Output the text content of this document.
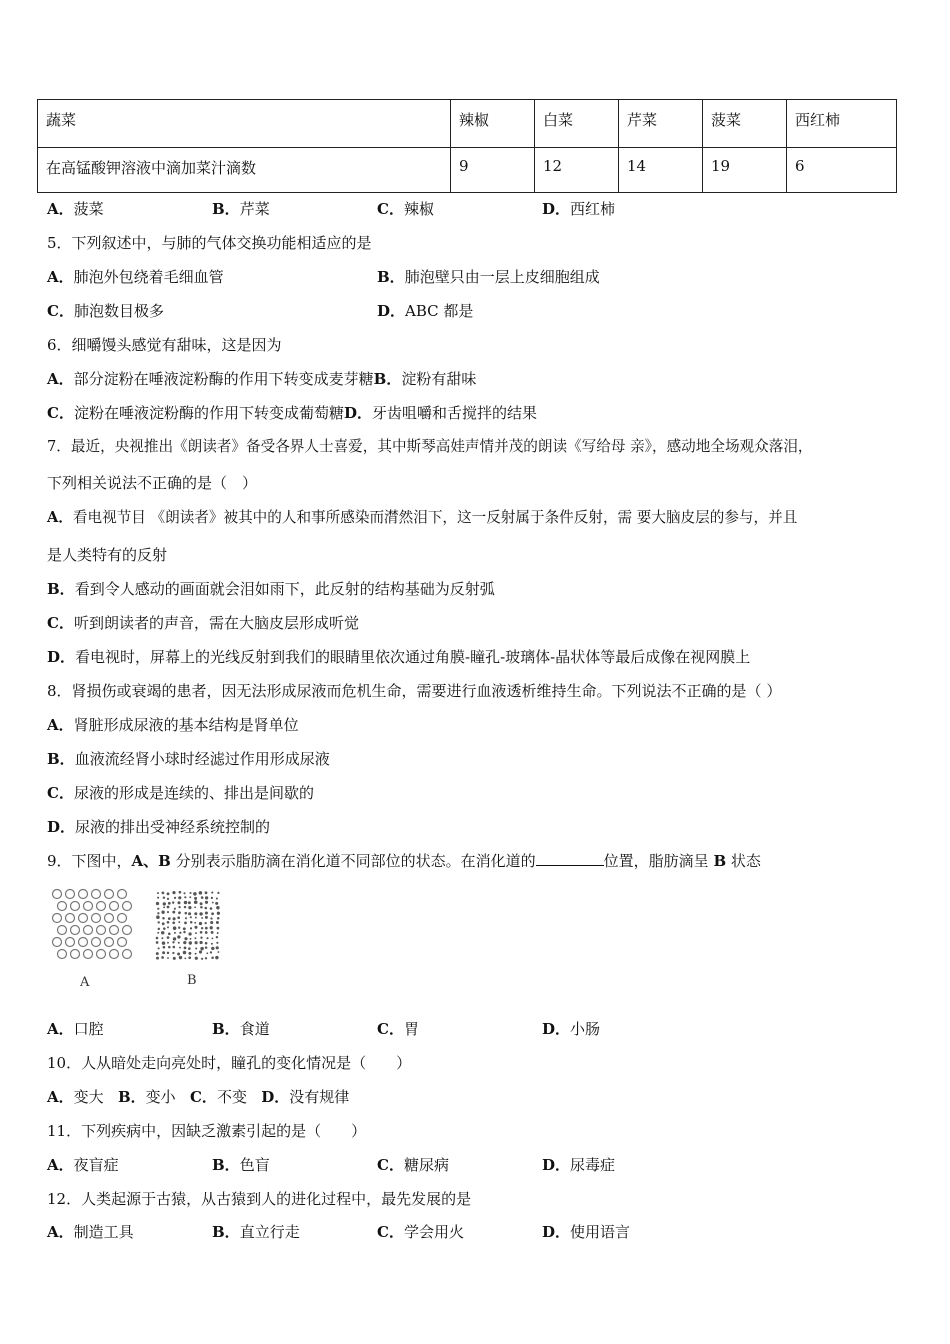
蔬菜	辣椒	白菜	芹菜	菠菜	西红柿
在高锰酸钾溶液中滴加菜汁滴数	9	12	14	19	6
A．菠菜	B．芹菜	C．辣椒	D．西红柿
5．下列叙述中，与肺的气体交换功能相适应的是
A．肺泡外包绕着毛细血管	B．肺泡壁只由一层上皮细胞组成
C．肺泡数目极多	D．ABC 都是
6．细嚼馒头感觉有甜味，这是因为
A．部分淀粉在唾液淀粉酶的作用下转变成麦芽糖B．淀粉有甜味
C．淀粉在唾液淀粉酶的作用下转变成葡萄糖D．牙齿咀嚼和舌搅拌的结果
7．最近，央视推出《朗读者》备受各界人士喜爱，其中斯琴高娃声情并茂的朗读《写给母 亲》，感动地全场观众落泪，
下列相关说法不正确的是（　）
A．看电视节目 《朗读者》被其中的人和事所感染而潸然泪下，这一反射属于条件反射，需 要大脑皮层的参与，并且
是人类特有的反射
B．看到令人感动的画面就会泪如雨下，此反射的结构基础为反射弧
C．听到朗读者的声音，需在大脑皮层形成听觉
D．看电视时，屏幕上的光线反射到我们的眼睛里依次通过角膜-瞳孔-玻璃体-晶状体等最后成像在视网膜上
8．肾损伤或衰竭的患者，因无法形成尿液而危机生命，需要进行血液透析维持生命。下列说法不正确的是（ ）
A．肾脏形成尿液的基本结构是肾单位
B．血液流经肾小球时经滤过作用形成尿液
C．尿液的形成是连续的、排出是间歇的
D．尿液的排出受神经系统控制的
9．下图中，A、B 分别表示脂肪滴在消化道不同部位的状态。在消化道的	位置，脂肪滴呈 B 状态
A	B
A．口腔	B．食道	C．胃	D．小肠
10．人从暗处走向亮处时，瞳孔的变化情况是（　　）
A．变大 B．变小 C．不变 D．没有规律
11．下列疾病中，因缺乏激素引起的是（　　）
A．夜盲症	B．色盲	C．糖尿病	D．尿毒症
12．人类起源于古猿，从古猿到人的进化过程中，最先发展的是
A．制造工具	B．直立行走	C．学会用火	D．使用语言
